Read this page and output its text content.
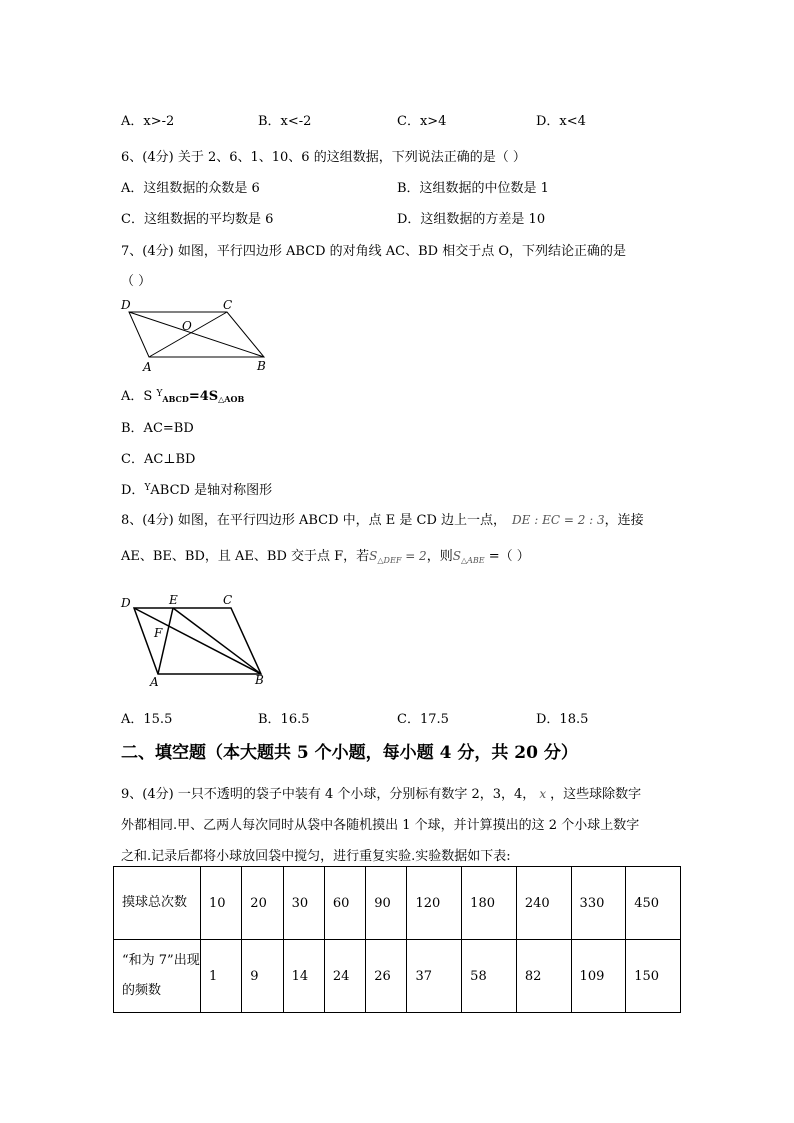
A．x>-2	B．x<-2	C．x>4	D．x<4
6、(4分) 关于 2、6、1、10、6 的这组数据，下列说法正确的是（ ）
A．这组数据的众数是 6	B．这组数据的中位数是 1
C．这组数据的平均数是 6	D．这组数据的方差是 10
7、(4分) 如图，平行四边形 ABCD 的对角线 AC、BD 相交于点 O，下列结论正确的是
（ ）
D	C
O
A	B
A．S $^Y_{ABCD}=4S_{\triangle AOB}$
B．AC=BD
C．AC⊥BD
D．$^Y$ABCD 是轴对称图形
8、(4分) 如图，在平行四边形 ABCD 中，点 E 是 CD 边上一点， DE : EC = 2 : 3，连接
AE、BE、BD，且 AE、BD 交于点 F，若$S_{\triangle DEF} = 2$，则$S_{\triangle ABE}$ =（ ）
D	E	C
F
A	B
A．15.5	B．16.5	C．17.5	D．18.5
二、填空题（本大题共 5 个小题，每小题 4 分，共 20 分）
9、(4分) 一只不透明的袋子中装有 4 个小球，分别标有数字 2，3，4， x ，这些球除数字
外都相同.甲、乙两人每次同时从袋中各随机摸出 1 个球，并计算摸出的这 2 个小球上数字
之和.记录后都将小球放回袋中搅匀，进行重复实验.实验数据如下表:
摸球总次数	10	20	30	60	90	120	180	240	330	450
“和为 7”出现的频数	1	9	14	24	26	37	58	82	109	150
